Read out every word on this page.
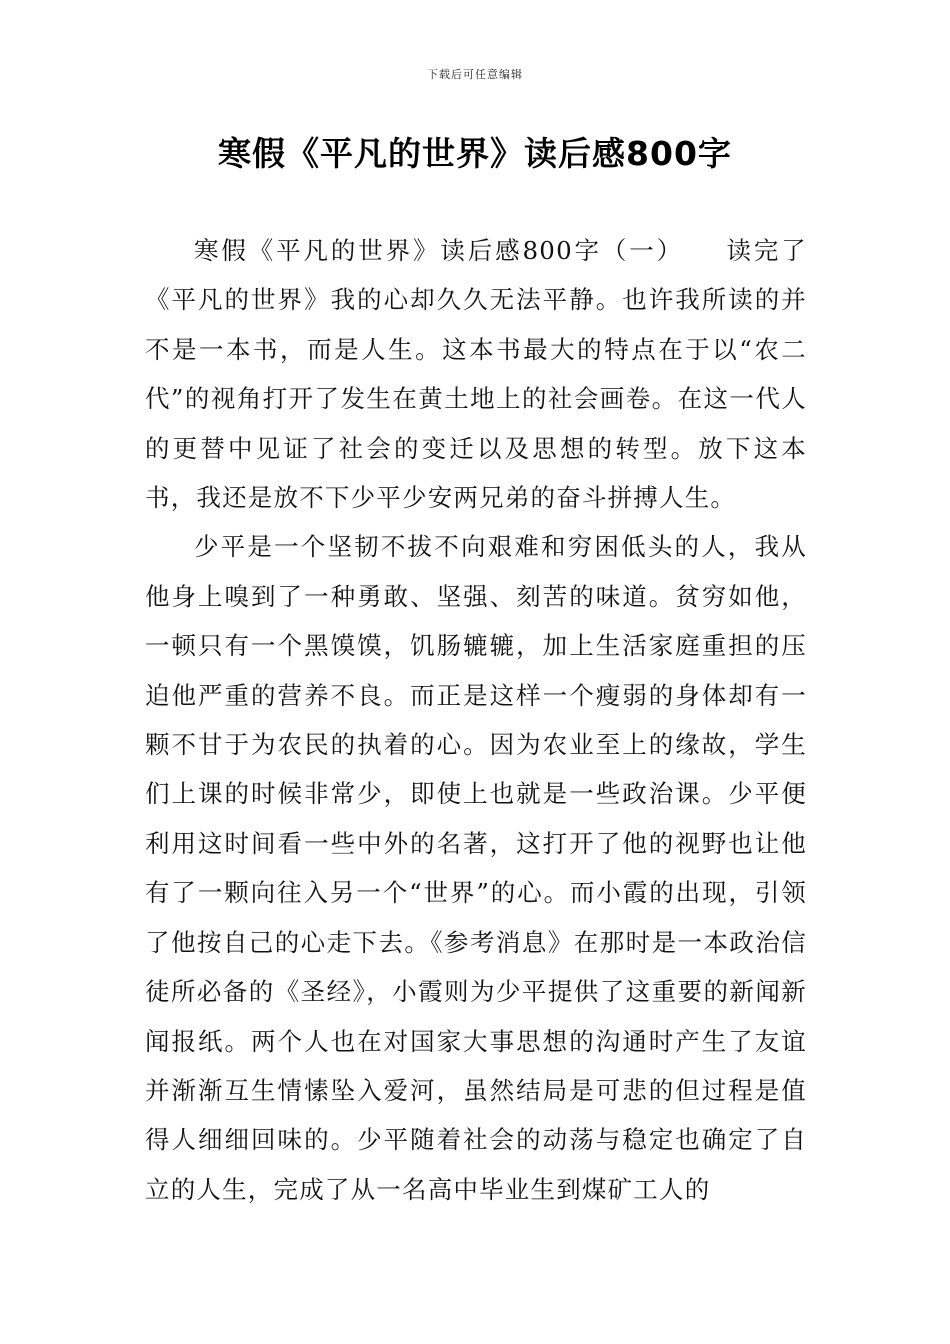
下载后可任意编辑
寒假《平凡的世界》读后感800字

寒假《平凡的世界》读后感800字（一）　　读完了《平凡的世界》我的心却久久无法平静。也许我所读的并不是一本书，而是人生。这本书最大的特点在于以“农二代”的视角打开了发生在黄土地上的社会画卷。在这一代人的更替中见证了社会的变迁以及思想的转型。放下这本书，我还是放不下少平少安两兄弟的奋斗拼搏人生。

少平是一个坚韧不拔不向艰难和穷困低头的人，我从他身上嗅到了一种勇敢、坚强、刻苦的味道。贫穷如他，一顿只有一个黑馍馍，饥肠辘辘，加上生活家庭重担的压迫他严重的营养不良。而正是这样一个瘦弱的身体却有一颗不甘于为农民的执着的心。因为农业至上的缘故，学生们上课的时候非常少，即使上也就是一些政治课。少平便利用这时间看一些中外的名著，这打开了他的视野也让他有了一颗向往入另一个“世界”的心。而小霞的出现，引领了他按自己的心走下去。《参考消息》在那时是一本政治信徒所必备的《圣经》，小霞则为少平提供了这重要的新闻新闻报纸。两个人也在对国家大事思想的沟通时产生了友谊并渐渐互生情愫坠入爱河，虽然结局是可悲的但过程是值得人细细回味的。少平随着社会的动荡与稳定也确定了自立的人生，完成了从一名高中毕业生到煤矿工人的
